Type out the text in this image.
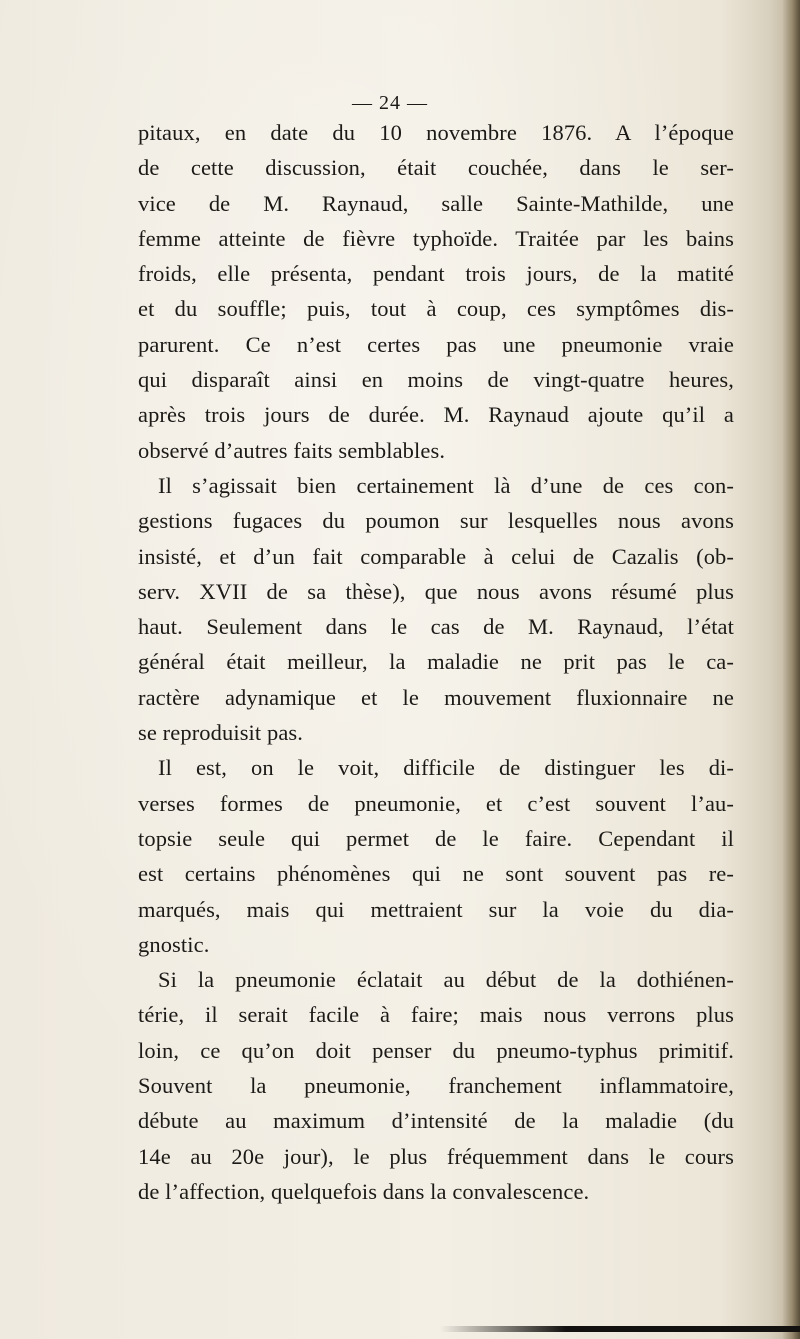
— 24 —
pitaux, en date du 10 novembre 1876. A l’époque
de cette discussion, était couchée, dans le ser-
vice de M. Raynaud, salle Sainte-Mathilde, une
femme atteinte de fièvre typhoïde. Traitée par les bains
froids, elle présenta, pendant trois jours, de la matité
et du souffle; puis, tout à coup, ces symptômes dis-
parurent. Ce n’est certes pas une pneumonie vraie
qui disparaît ainsi en moins de vingt-quatre heures,
après trois jours de durée. M. Raynaud ajoute qu’il a
observé d’autres faits semblables.
Il s’agissait bien certainement là d’une de ces con-
gestions fugaces du poumon sur lesquelles nous avons
insisté, et d’un fait comparable à celui de Cazalis (ob-
serv. XVII de sa thèse), que nous avons résumé plus
haut. Seulement dans le cas de M. Raynaud, l’état
général était meilleur, la maladie ne prit pas le ca-
ractère adynamique et le mouvement fluxionnaire ne
se reproduisit pas.
Il est, on le voit, difficile de distinguer les di-
verses formes de pneumonie, et c’est souvent l’au-
topsie seule qui permet de le faire. Cependant il
est certains phénomènes qui ne sont souvent pas re-
marqués, mais qui mettraient sur la voie du dia-
gnostic.
Si la pneumonie éclatait au début de la dothiénen-
térie, il serait facile à faire; mais nous verrons plus
loin, ce qu’on doit penser du pneumo-typhus primitif.
Souvent la pneumonie, franchement inflammatoire,
débute au maximum d’intensité de la maladie (du
14e au 20e jour), le plus fréquemment dans le cours
de l’affection, quelquefois dans la convalescence.
